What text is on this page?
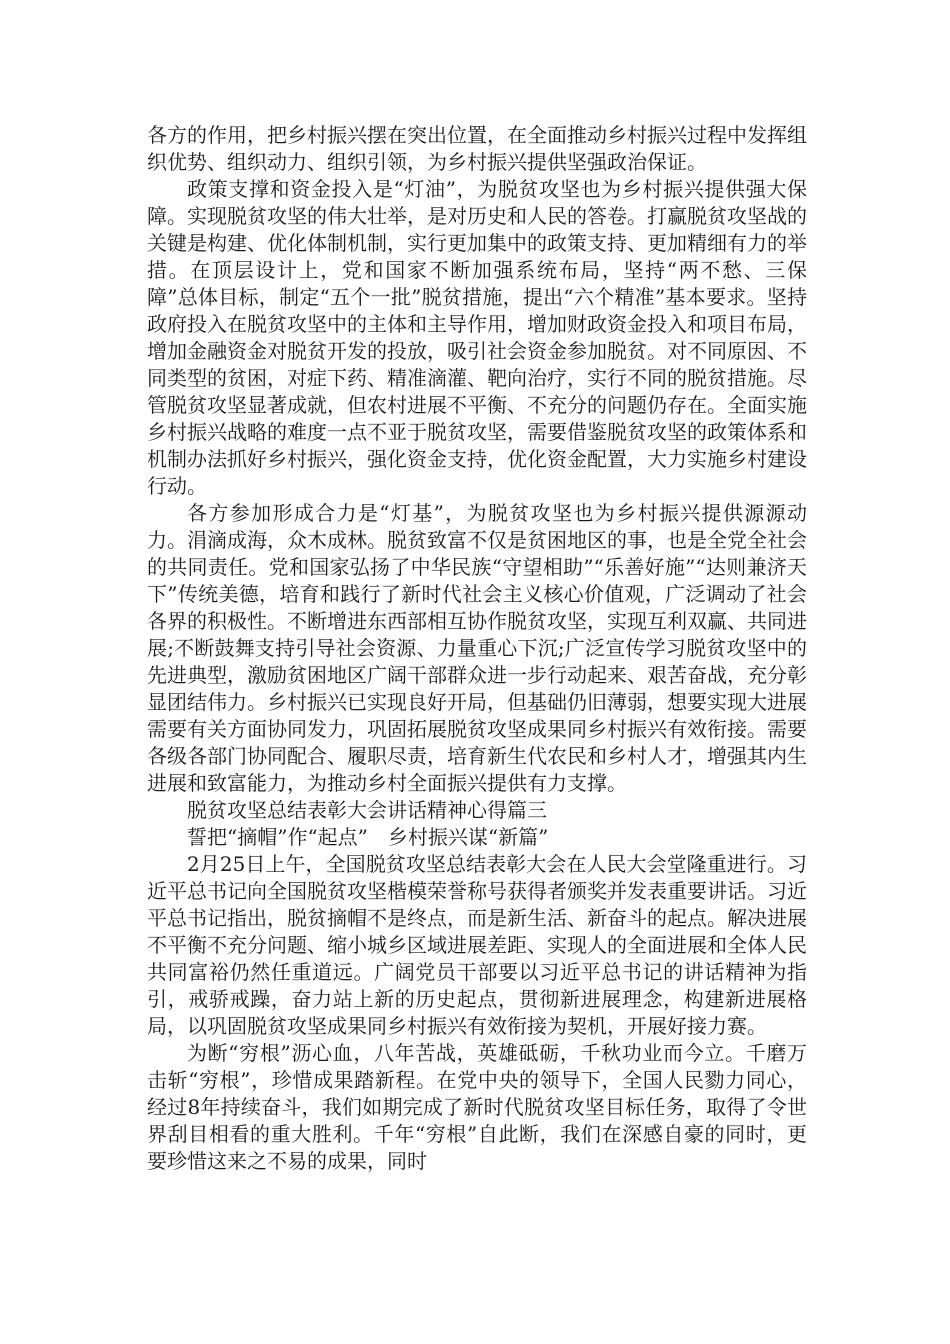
各方的作用，把乡村振兴摆在突出位置，在全面推动乡村振兴过程中发挥组织优势、组织动力、组织引领，为乡村振兴提供坚强政治保证。

政策支撑和资金投入是“灯油”，为脱贫攻坚也为乡村振兴提供强大保障。实现脱贫攻坚的伟大壮举，是对历史和人民的答卷。打赢脱贫攻坚战的关键是构建、优化体制机制，实行更加集中的政策支持、更加精细有力的举措。在顶层设计上，党和国家不断加强系统布局，坚持“两不愁、三保障”总体目标，制定“五个一批”脱贫措施，提出“六个精准”基本要求。坚持政府投入在脱贫攻坚中的主体和主导作用，增加财政资金投入和项目布局，增加金融资金对脱贫开发的投放，吸引社会资金参加脱贫。对不同原因、不同类型的贫困，对症下药、精准滴灌、靶向治疗，实行不同的脱贫措施。尽管脱贫攻坚显著成就，但农村进展不平衡、不充分的问题仍存在。全面实施乡村振兴战略的难度一点不亚于脱贫攻坚，需要借鉴脱贫攻坚的政策体系和机制办法抓好乡村振兴，强化资金支持，优化资金配置，大力实施乡村建设行动。

各方参加形成合力是“灯基”，为脱贫攻坚也为乡村振兴提供源源动力。涓滴成海，众木成林。脱贫致富不仅是贫困地区的事，也是全党全社会的共同责任。党和国家弘扬了中华民族“守望相助”“乐善好施”“达则兼济天下”传统美德，培育和践行了新时代社会主义核心价值观，广泛调动了社会各界的积极性。不断增进东西部相互协作脱贫攻坚，实现互利双赢、共同进展;不断鼓舞支持引导社会资源、力量重心下沉;广泛宣传学习脱贫攻坚中的先进典型，激励贫困地区广阔干部群众进一步行动起来、艰苦奋战，充分彰显团结伟力。乡村振兴已实现良好开局，但基础仍旧薄弱，想要实现大进展需要有关方面协同发力，巩固拓展脱贫攻坚成果同乡村振兴有效衔接。需要各级各部门协同配合、履职尽责，培育新生代农民和乡村人才，增强其内生进展和致富能力，为推动乡村全面振兴提供有力支撑。

脱贫攻坚总结表彰大会讲话精神心得篇三

誓把“摘帽”作“起点”　乡村振兴谋“新篇”

2月25日上午，全国脱贫攻坚总结表彰大会在人民大会堂隆重进行。习近平总书记向全国脱贫攻坚楷模荣誉称号获得者颁奖并发表重要讲话。习近平总书记指出，脱贫摘帽不是终点，而是新生活、新奋斗的起点。解决进展不平衡不充分问题、缩小城乡区域进展差距、实现人的全面进展和全体人民共同富裕仍然任重道远。广阔党员干部要以习近平总书记的讲话精神为指引，戒骄戒躁，奋力站上新的历史起点，贯彻新进展理念，构建新进展格局，以巩固脱贫攻坚成果同乡村振兴有效衔接为契机，开展好接力赛。

为断“穷根”沥心血，八年苦战，英雄砥砺，千秋功业而今立。千磨万击斩“穷根”，珍惜成果踏新程。在党中央的领导下，全国人民勠力同心，经过8年持续奋斗，我们如期完成了新时代脱贫攻坚目标任务，取得了令世界刮目相看的重大胜利。千年“穷根”自此断，我们在深感自豪的同时，更要珍惜这来之不易的成果，同时
